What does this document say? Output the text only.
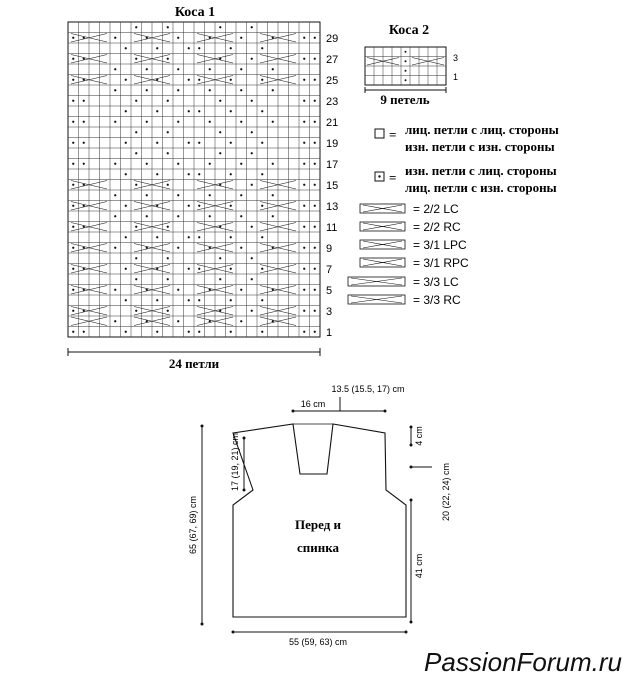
Коса 1
1
3
5
7
9
11
13
15
17
19
21
23
25
27
29
24 петли
Коса 2
3
1
9 петель
= лиц. петли с лиц. стороны
изн. петли с изн. стороны
= изн. петли с лиц. стороны
лиц. петли с изн. стороны
= 2/2 LC
= 2/2 RC
= 3/1 LPC
= 3/1 RPC
= 3/3 LC
= 3/3 RC
Перед и
спинка
13.5 (15.5, 17) cm
16 cm
65 (67, 69) cm
17 (19, 21) cm	4 cm
20 (22, 24) cm
41 cm
55 (59, 63) cm
PassionForum.ru
